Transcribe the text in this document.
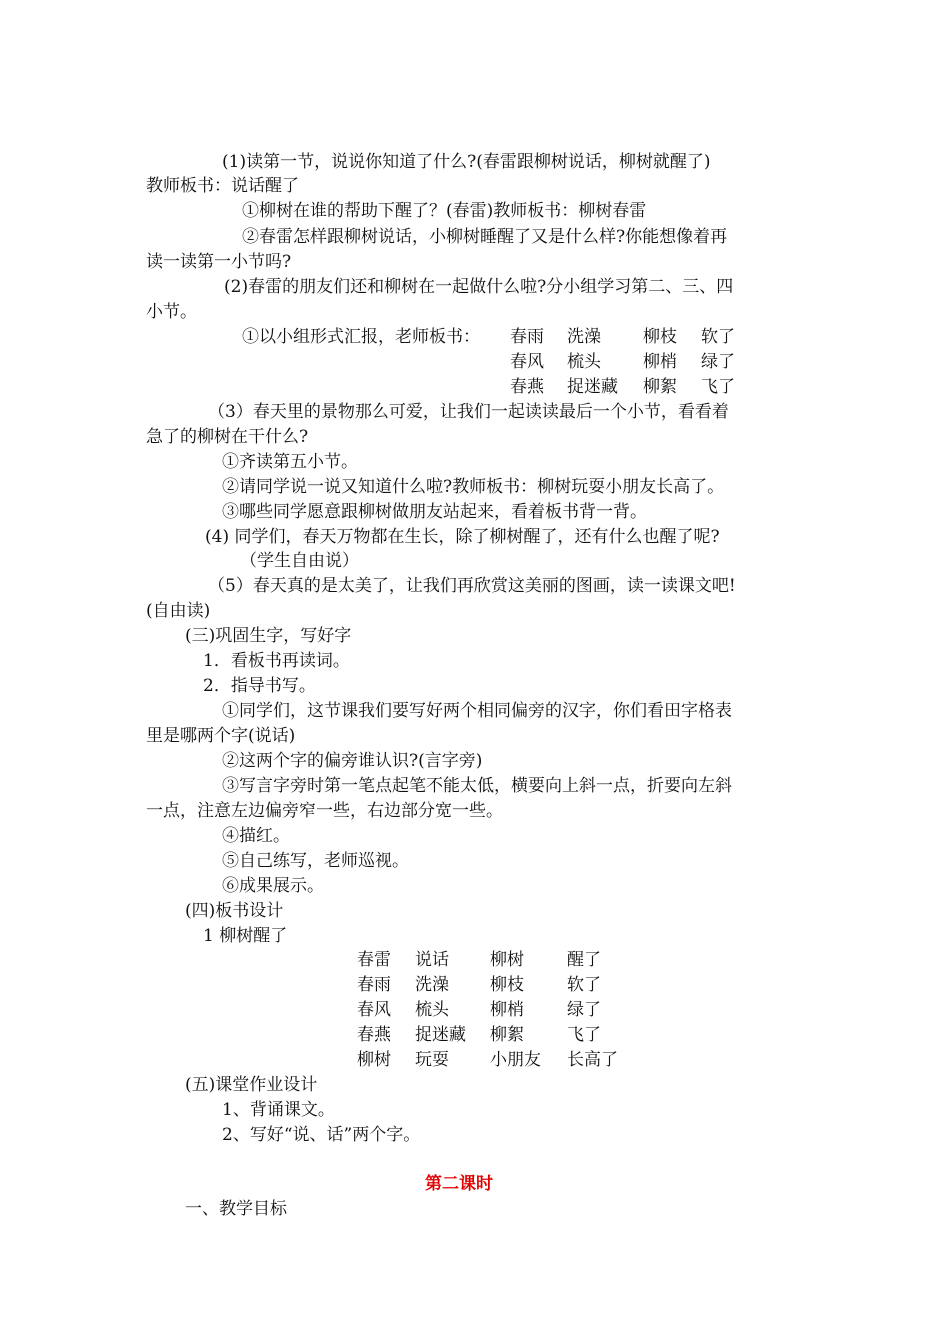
(1)读第一节，说说你知道了什么?(春雷跟柳树说话，柳树就醒了)
教师板书：说话醒了
①柳树在谁的帮助下醒了？(春雷)教师板书：柳树春雷
②春雷怎样跟柳树说话，小柳树睡醒了又是什么样?你能想像着再
读一读第一小节吗?
(2)春雷的朋友们还和柳树在一起做什么啦?分小组学习第二、三、四
小节。
①以小组形式汇报，老师板书： 春雨 洗澡 柳枝 软了
春风 梳头 柳梢 绿了
春燕 捉迷藏 柳絮 飞了
（3）春天里的景物那么可爱，让我们一起读读最后一个小节，看看着
急了的柳树在干什么?
①齐读第五小节。
②请同学说一说又知道什么啦?教师板书：柳树玩耍小朋友长高了。
③哪些同学愿意跟柳树做朋友站起来，看着板书背一背。
(4) 同学们，春天万物都在生长，除了柳树醒了，还有什么也醒了呢?
（学生自由说）
（5）春天真的是太美了，让我们再欣赏这美丽的图画，读一读课文吧!
(自由读)
(三)巩固生字，写好字
1．看板书再读词。
2．指导书写。
①同学们，这节课我们要写好两个相同偏旁的汉字，你们看田字格表
里是哪两个字(说话)
②这两个字的偏旁谁认识?(言字旁)
③写言字旁时第一笔点起笔不能太低，横要向上斜一点，折要向左斜
一点，注意左边偏旁窄一些，右边部分宽一些。
④描红。
⑤自己练写，老师巡视。
⑥成果展示。
(四)板书设计
1 柳树醒了
春雷 说话 柳树	醒了
春雨 洗澡 柳枝	软了
春风 梳头 柳梢	绿了
春燕 捉迷藏 柳絮	飞了
柳树 玩耍 小朋友 长高了
(五)课堂作业设计
1、背诵课文。
2、写好“说、话”两个字。
第二课时
一、教学目标
